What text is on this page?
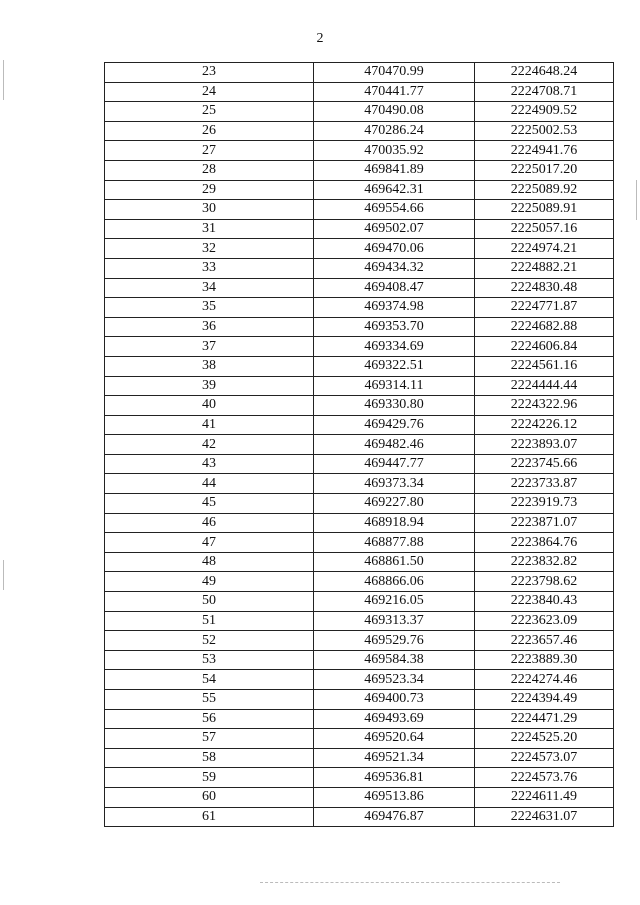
2
23	470470.99	2224648.24
24	470441.77	2224708.71
25	470490.08	2224909.52
26	470286.24	2225002.53
27	470035.92	2224941.76
28	469841.89	2225017.20
29	469642.31	2225089.92
30	469554.66	2225089.91
31	469502.07	2225057.16
32	469470.06	2224974.21
33	469434.32	2224882.21
34	469408.47	2224830.48
35	469374.98	2224771.87
36	469353.70	2224682.88
37	469334.69	2224606.84
38	469322.51	2224561.16
39	469314.11	2224444.44
40	469330.80	2224322.96
41	469429.76	2224226.12
42	469482.46	2223893.07
43	469447.77	2223745.66
44	469373.34	2223733.87
45	469227.80	2223919.73
46	468918.94	2223871.07
47	468877.88	2223864.76
48	468861.50	2223832.82
49	468866.06	2223798.62
50	469216.05	2223840.43
51	469313.37	2223623.09
52	469529.76	2223657.46
53	469584.38	2223889.30
54	469523.34	2224274.46
55	469400.73	2224394.49
56	469493.69	2224471.29
57	469520.64	2224525.20
58	469521.34	2224573.07
59	469536.81	2224573.76
60	469513.86	2224611.49
61	469476.87	2224631.07
